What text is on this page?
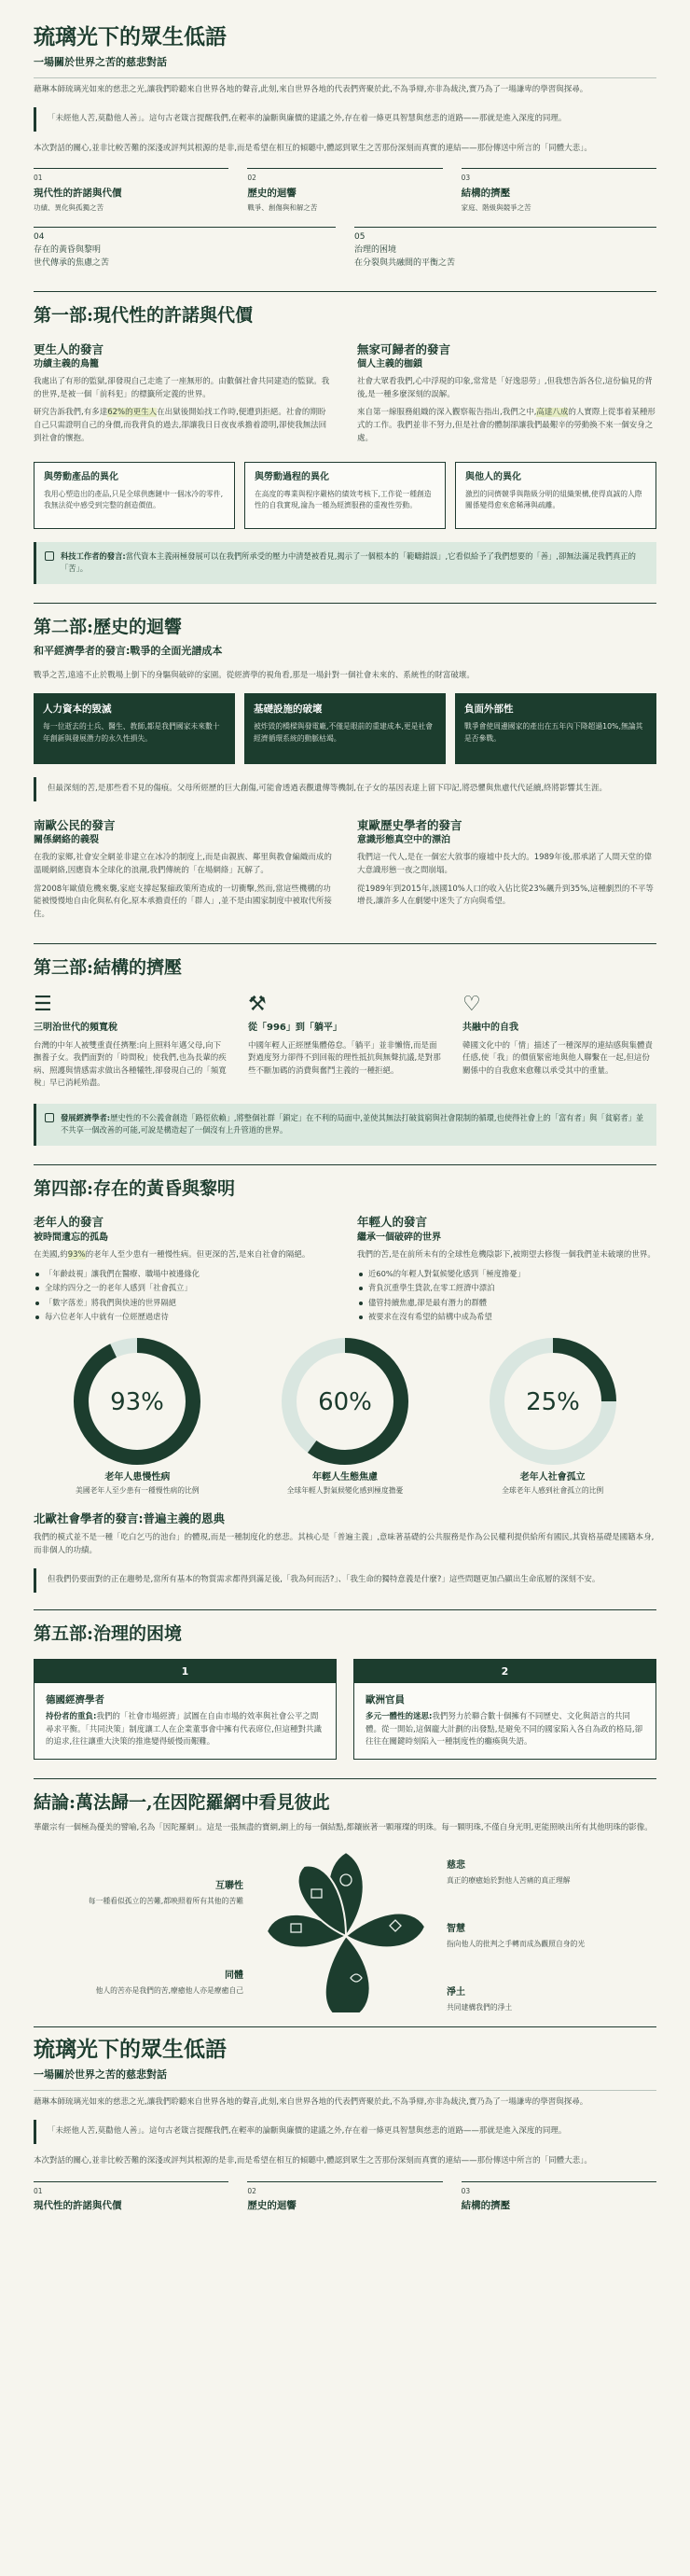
琉璃光下的眾生低語
一場關於世界之苦的慈悲對話

藉琳本師琉璃光如來的慈悲之光,讓我們聆聽來自世界各地的聲音,此刻,來自世界各地的代表們齊聚於此,不為爭辯,亦非為裁決,實乃為了一場謙卑的學習與探尋。

「未經他人苦,莫勸他人善」。這句古老箴言提醒我們,在輕率的論斷與廉價的建議之外,存在着一條更具智慧與慈悲的道路——那就是進入深度的同理。

本次對話的關心,並非比較苦難的深淺或評判其根源的是非,而是希望在相互的傾聽中,體認到眾生之苦那份深刻而真實的連結——那份傳送中所言的「同體大悲」。

01
現代性的許諾與代價
功績、異化與孤獨之苦
02
歷史的迴響
戰爭、創傷與和解之苦
03
結構的擠壓
家庭、階級與競爭之苦
04
存在的黃昏與黎明
世代傳承的焦慮之苦
05
治理的困境
在分裂與共融間的平衡之苦
第一部:現代性的許諾與代價
更生人的發言
功績主義的鳥籠

我處出了有形的監獄,卻發現自己走進了一座無形的。由數個社會共同建造的監獄。我的世界,是被一個「前科犯」的標籤所定義的世界。

研究告訴我們,有多達62%的更生人在出獄後開始找工作時,便遭到拒絕。社會的期盼自己只需證明自己的身價,而我背負的過去,卻讓我日日夜夜承擔着證明,卻使我無法回到社會的懷抱。

無家可歸者的發言
個人主義的枷鎖

社會大眾看我們,心中浮現的印象,常常是「好逸惡勞」,但我想告訴各位,這份偏見的背後,是一種多麼深刻的誤解。

來自第一線服務組織的深入觀察報告指出,我們之中,高達八成的人實際上從事着某種形式的工作。我們並非不努力,但是社會的體制卻讓我們最艱辛的勞動換不來一個安身之處。

與勞動產品的異化

我用心塑造出的產品,只是全球供應鏈中一個冰冷的零件,我無法從中感受到完整的創造價值。

與勞動過程的異化

在高度的專業與程序嚴格的績效考核下,工作從一種創造性的自我實現,淪為一種為經濟服務的重複性勞動。

與他人的異化

激烈的同儕競爭與階級分明的組織架構,使得真誠的人際關係變得愈來愈稀薄與疏離。

科技工作者的發言:當代資本主義兩極發展可以在我們所承受的壓力中清楚被看見,揭示了一個根本的「範疇錯誤」,它看似給予了我們想要的「善」,卻無法滿足我們真正的「苦」。
第二部:歷史的迴響
和平經濟學者的發言:戰爭的全面光譜成本

戰爭之苦,遠遠不止於戰場上倒下的身驅與破碎的家園。從經濟學的視角看,那是一場針對一個社會未來的、系統性的財富破壞。

人力資本的毀滅

每一位逝去的士兵、醫生、教師,都是我們國家未來數十年創新與發展潛力的永久性損失。

基礎設施的破壞

被炸毀的橋樑與發電廠,不僅是眼前的重建成本,更是社會經濟循環系統的動脈枯竭。

負面外部性

戰爭會使周邊國家的產出在五年內下降超過10%,無論其是否參戰。

但最深刻的苦,是那些看不見的傷痕。父母所經歷的巨大創傷,可能會透過表觀遺傳等機制,在子女的基因表達上留下印記,將恐懼與焦慮代代延續,終將影響其生涯。
南歐公民的發言
關係網絡的義裂

在我的家鄉,社會安全網並非建立在冰冷的制度上,而是由親族、鄰里與教會編織而成的溫暖網絡,因應資本全球化的浪潮,我們傳統的「在場網絡」瓦解了。

當2008年歐債危機來襲,家庭支撐起緊縮政策所造成的一切衝擊,然而,當這些機構的功能被慢慢地自由化與私有化,原本承擔責任的「群人」,並不是由國家制度中被取代所接住。

東歐歷史學者的發言
意識形態真空中的漂泊

我們這一代人,是在一個宏大敘事的廢墟中長大的。1989年後,那承諾了人間天堂的偉大意識形態一夜之間崩塌。

從1989年到2015年,該國10%人口的收入佔比從23%飆升到35%,這種劇烈的不平等增長,讓許多人在劇變中迷失了方向與希望。

第三部:結構的擠壓
☰
三明治世代的頻寬稅

台灣的中年人被雙重責任擠壓:向上照料年邁父母,向下撫養子女。我們面對的「時間稅」使我們,也為長輩的疾病、照護與情感需求做出各種犧牲,卻發現自己的「頻寬稅」早已消耗殆盡。

⚒
從「996」到「躺平」

中國年輕人正經歷集體倦怠。「躺平」並非懶惰,而是面對過度努力卻得不到回報的理性抵抗與無聲抗議,是對那些不斷加碼的消費與奮鬥主義的一種拒絕。

♡
共融中的自我

韓國文化中的「情」描述了一種深厚的連結感與集體責任感,使「我」的價值緊密地與他人聯繫在一起,但這份關係中的自我愈來愈難以承受其中的重量。

發展經濟學者:歷史性的不公義會創造「路徑依賴」,將整個社群「鎖定」在不利的局面中,並使其無法打破貧窮與社會限制的循環,也使得社會上的「富有者」與「貧窮者」並不共享一個改善的可能,可說是構造起了一個沒有上升管道的世界。
第四部:存在的黃昏與黎明
老年人的發言
被時間遺忘的孤島

在美國,約93%的老年人至少患有一種慢性病。但更深的苦,是來自社會的隔絕。

「年齡歧視」讓我們在醫療、職場中被邊緣化
全球約四分之一的老年人感到「社會孤立」
「數字落差」將我們與快速的世界隔絕
每六位老年人中就有一位經歷過虐待
年輕人的發言
繼承一個破碎的世界

我們的苦,是在前所未有的全球性危機陰影下,被期望去修復一個我們並未破壞的世界。

近60%的年輕人對氣候變化感到「極度擔憂」
背負沉重學生貸款,在零工經濟中漂泊
儘管持續焦慮,卻是最有潛力的群體
被要求在沒有希望的結構中成為希望
93%
老年人患慢性病
美國老年人至少患有一種慢性病的比例
60%
年輕人生態焦慮
全球年輕人對氣候變化感到極度擔憂
25%
老年人社會孤立
全球老年人感到社會孤立的比例
北歐社會學者的發言:普遍主義的恩典

我們的模式並不是一種「吃白乞丐的池台」的體現,而是一種制度化的慈悲。其核心是「普遍主義」,意味著基礎的公共服務是作為公民權利提供給所有國民,其資格基礎是國籍本身,而非個人的功績。

但我們仍要面對的正在趨勢是,當所有基本的物質需求都得到滿足後,「我為何而活?」、「我生命的獨特意義是什麼?」這些問題更加凸顯出生命底層的深刻不安。
第五部:治理的困境
1
德國經濟學者

持份者的重負:我們的「社會市場經濟」試圖在自由市場的效率與社會公平之間尋求平衡。「共同決策」制度讓工人在企業董事會中擁有代表席位,但這種對共識的追求,往往讓重大決策的推進變得緩慢而艱難。

2
歐洲官員

多元一體性的迷思:我們努力於聯合數十個擁有不同歷史、文化與語言的共同體。從一開始,這個龐大計劃的出發點,是避免不同的國家陷入各自為政的格局,卻往往在關鍵時刻陷入一種制度性的癱瘓與失語。

結論:萬法歸一,在因陀羅網中看見彼此

華嚴宗有一個極為優美的譬喻,名為「因陀羅網」。這是一張無盡的寶網,網上的每一個結點,都鑲嵌著一顆璀璨的明珠。每一顆明珠,不僅自身光明,更能照映出所有其他明珠的影像。

互聯性

每一種看似孤立的苦難,都映照着所有其他的苦難

同體

他人的苦亦是我們的苦,療癒他人亦是療癒自己

慈悲

真正的療癒始於對他人苦痛的真正理解

智慧

指向他人的批判之手轉而成為觀照自身的光

淨土

共同建構我們的淨土

琉璃光下的眾生低語
一場關於世界之苦的慈悲對話

藉琳本師琉璃光如來的慈悲之光,讓我們聆聽來自世界各地的聲音,此刻,來自世界各地的代表們齊聚於此,不為爭辯,亦非為裁決,實乃為了一場謙卑的學習與探尋。

「未經他人苦,莫勸他人善」。這句古老箴言提醒我們,在輕率的論斷與廉價的建議之外,存在着一條更具智慧與慈悲的道路——那就是進入深度的同理。

本次對話的關心,並非比較苦難的深淺或評判其根源的是非,而是希望在相互的傾聽中,體認到眾生之苦那份深刻而真實的連結——那份傳送中所言的「同體大悲」。

01
現代性的許諾與代價
02
歷史的迴響
03
結構的擠壓
